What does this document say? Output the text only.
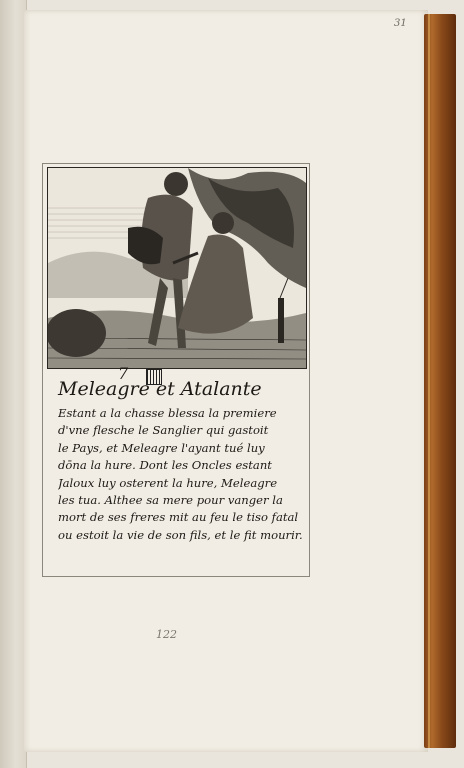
31
7
Meleagre et Atalante
Estant a la chasse blessa la premiere
d'vne flesche le Sanglier qui gastoit
le Pays, et Meleagre l'ayant tué luy
dōna la hure. Dont les Oncles estant
Jaloux luy osterent la hure, Meleagre
les tua. Althee sa mere pour vanger la
mort de ses freres mit au feu le tiso fatal
ou estoit la vie de son fils, et le fit mourir.
122
